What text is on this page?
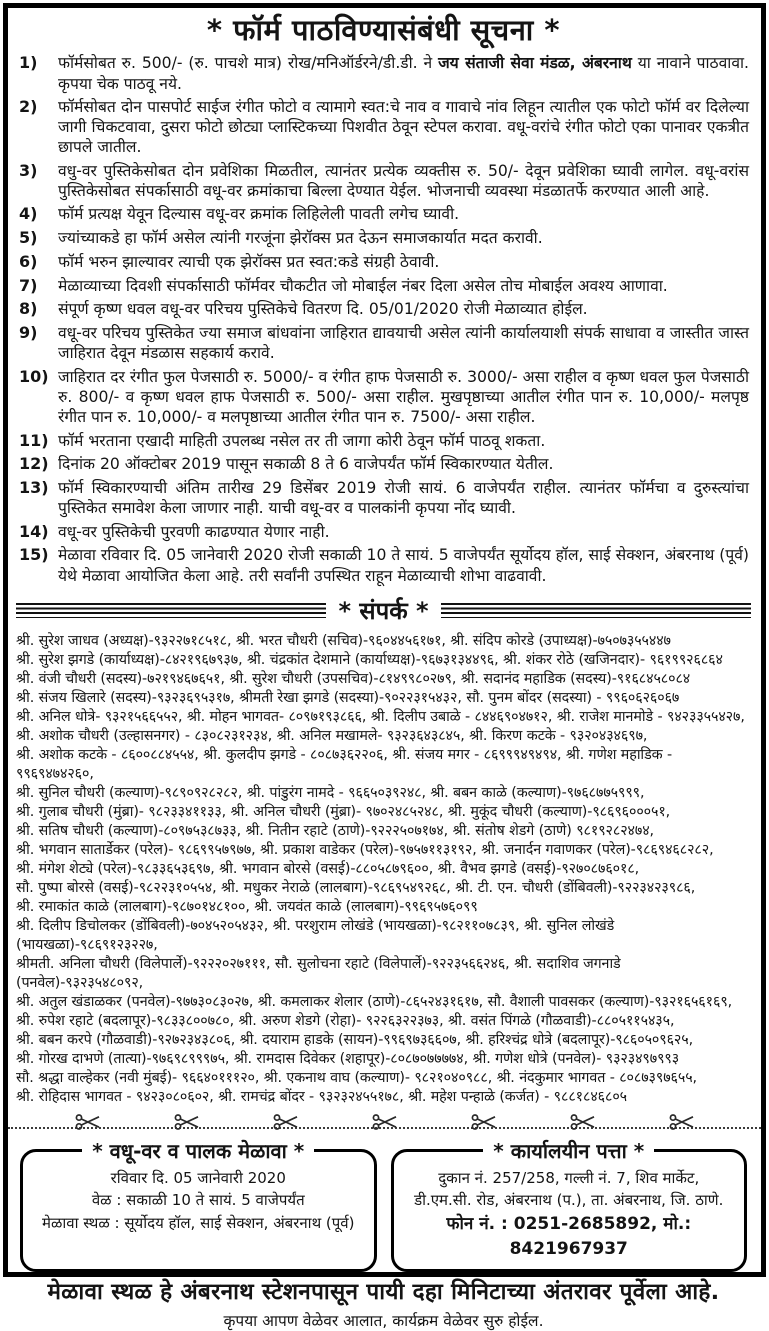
* फॉर्म पाठविण्यासंबंधी सूचना *
1)	फॉर्मसोबत रु. 500/- (रु. पाचशे मात्र) रोख/मनिऑर्डरने/डी.डी. ने जय संताजी सेवा मंडळ, अंबरनाथ या नावाने पाठवावा. कृपया चेक पाठवू नये.
2)	फॉर्मसोबत दोन पासपोर्ट साईज रंगीत फोटो व त्यामागे स्वत:चे नाव व गावाचे नांव लिहून त्यातील एक फोटो फॉर्म वर दिलेल्या जागी चिकटवावा, दुसरा फोटो छोट्या प्लास्टिकच्या पिशवीत ठेवून स्टेपल करावा. वधू-वरांचे रंगीत फोटो एका पानावर एकत्रीत छापले जातील.
3)	वधु-वर पुस्तिकेसोबत दोन प्रवेशिका मिळतील, त्यानंतर प्रत्येक व्यक्तीस रु. 50/- देवून प्रवेशिका घ्यावी लागेल. वधू-वरांस पुस्तिकेसोबत संपर्कासाठी वधू-वर क्रमांकाचा बिल्ला देण्यात येईल. भोजनाची व्यवस्था मंडळातर्फे करण्यात आली आहे.
4)	फॉर्म प्रत्यक्ष येवून दिल्यास वधू-वर क्रमांक लिहिलेली पावती लगेच घ्यावी.
5)	ज्यांच्याकडे हा फॉर्म असेल त्यांनी गरजूंना झेरॉक्स प्रत देऊन समाजकार्यात मदत करावी.
6)	फॉर्म भरुन झाल्यावर त्याची एक झेरॉक्स प्रत स्वत:कडे संग्रही ठेवावी.
7)	मेळाव्याच्या दिवशी संपर्कासाठी फॉर्मवर चौकटीत जो मोबाईल नंबर दिला असेल तोच मोबाईल अवश्य आणावा.
8)	संपूर्ण कृष्ण धवल वधू-वर परिचय पुस्तिकेचे वितरण दि. 05/01/2020 रोजी मेळाव्यात होईल.
9)	वधू-वर परिचय पुस्तिकेत ज्या समाज बांधवांना जाहिरात द्यावयाची असेल त्यांनी कार्यालयाशी संपर्क साधावा व जास्तीत जास्त जाहिरात देवून मंडळास सहकार्य करावे.
10) जाहिरात दर रंगीत फुल पेजसाठी रु. 5000/- व रंगीत हाफ पेजसाठी रु. 3000/- असा राहील व कृष्ण धवल फुल पेजसाठी रु. 800/- व कृष्ण धवल हाफ पेजसाठी रु. 500/- असा राहील. मुखपृष्ठाच्या आतील रंगीत पान रु. 10,000/- मलपृष्ठ रंगीत पान रु. 10,000/- व मलपृष्ठाच्या आतील रंगीत पान रु. 7500/- असा राहील.
11) फॉर्म भरताना एखादी माहिती उपलब्ध नसेल तर ती जागा कोरी ठेवून फॉर्म पाठवू शकता.
12) दिनांक 20 ऑक्टोबर 2019 पासून सकाळी 8 ते 6 वाजेपर्यंत फॉर्म स्विकारण्यात येतील.
13) फॉर्म स्विकारण्याची अंतिम तारीख 29 डिसेंबर 2019 रोजी सायं. 6 वाजेपर्यंत राहील. त्यानंतर फॉर्मचा व दुरुस्त्यांचा पुस्तिकेत समावेश केला जाणार नाही. याची वधू-वर व पालकांनी कृपया नोंद घ्यावी.
14) वधू-वर पुस्तिकेची पुरवणी काढण्यात येणार नाही.
15) मेळावा रविवार दि. 05 जानेवारी 2020 रोजी सकाळी 10 ते सायं. 5 वाजेपर्यंत सूर्योदय हॉल, साई सेक्शन, अंबरनाथ (पूर्व) येथे मेळावा आयोजित केला आहे. तरी सर्वांनी उपस्थित राहून मेळाव्याची शोभा वाढवावी.
* संपर्क *
श्री. सुरेश जाधव (अध्यक्ष)-९३२२७१८५१८, श्री. भरत चौधरी (सचिव)-९६०४४५६१७१, श्री. संदिप कोरडे (उपाध्यक्ष)-७५०७३५५४४७
श्री. सुरेश झगडे (कार्याध्यक्ष)-८४२१९६७९३७, श्री. चंद्रकांत देशमाने (कार्याध्यक्ष)-९६७३१३४४९६, श्री. शंकर रोठे (खजिनदार)- ९६१९९२६८६४
श्री. वंजी चौधरी (सदस्य)-७२१९४६७६५१, श्री. सुरेश चौधरी (उपसचिव)-८१४९९८०२७९, श्री. सदानंद महाडिक (सदस्य)-९१६८४५८०८४
श्री. संजय खिलारे (सदस्य)-९३२३६९५३१७, श्रीमती रेखा झगडे (सदस्या)-९०२२३१५४३२, सौ. पुनम बोंदर (सदस्या) - ९९६०६२६०६७
श्री. अनिल धोत्रे- ९३२१५६६५५२, श्री. मोहन भागवत- ८०९७१९३८६६, श्री. दिलीप उबाळे - ८४४६९०४७१२, श्री. राजेश मानमोडे - ९४२३३५५४२७,
श्री. अशोक चौधरी (उल्हासनगर) - ८३०८२३१२३४, श्री. अनिल मखामले- ९३२३६४३८४५, श्री. किरण कटके - ९३२०४३४६९७,
श्री. अशोक कटके - ८६००८८४५५४, श्री. कुलदीप झगडे - ८०८७३६२२०६, श्री. संजय मगर - ८६९९९४९४९४, श्री. गणेश महाडिक - ९९६९४७४२६०,
श्री. सुनिल चौधरी (कल्याण)-९८९०९२८२८२, श्री. पांडुरंग नामदे - ९६६५०३९२४८, श्री. बबन काळे (कल्याण)-९७६८७७५९९९,
श्री. गुलाब चौधरी (मुंब्रा)- ९८२३३४११३३, श्री. अनिल चौधरी (मुंब्रा)- ९७०२४८५२४८, श्री. मुकूंद चौधरी (कल्याण)-९८६९६०००५१,
श्री. सतिष चौधरी (कल्याण)-८०९७५३८७३३, श्री. नितीन रहाटे (ठाणे)-९२२२५०७१७४, श्री. संतोष शेडगे (ठाणे) ९८१९२८२४७४,
श्री. भगवान सातार्डेकर (परेल)- ९८६९९५७९७७, श्री. प्रकाश वाडेकर (परेल)-९७५७११३१९२, श्री. जनार्दन गवाणकर (परेल)-९८६९४६८२८२,
श्री. मंगेश शेट्ये (परेल)-९८३३६५३६९७, श्री. भगवान बोरसे (वसई)-८८०५८७९६००, श्री. वैभव झगडे (वसई)-९२७०८७६०१८,
सौ. पुष्पा बोरसे (वसई)-९८२२३१०५५४, श्री. मधुकर नेराळे (लालबाग)-९८६९५४९२६८, श्री. टी. एन. चौधरी (डोंबिवली)-९२२३४२३९८६,
श्री. रमाकांत काळे (लालबाग)-९८७०१४८१००, श्री. जयवंत काळे (लालबाग)-९९६९५७६०९९
श्री. दिलीप डिचोलकर (डोंबिवली)-७०४५२०५४३२, श्री. परशुराम लोखंडे (भायखळा)-९८२११०७८३९, श्री. सुनिल लोखंडे (भायखळा)-९८६९१२३२२७,
श्रीमती. अनिला चौधरी (विलेपार्ले)-९२२२०२७१११, सौ. सुलोचना रहाटे (विलेपार्ले)-९२२३५६६२४६, श्री. सदाशिव जगनाडे (पनवेल)-९३२३५४८०९२,
श्री. अतुल खंडाळकर (पनवेल)-९७७३०८३०२७, श्री. कमलाकर शेलार (ठाणे)-८६५२४३१६१७, सौ. वैशाली पावसकर (कल्याण)-९३२१६५६१६९,
श्री. रुपेश रहाटे (बदलापूर)-९८३३८००७८०, श्री. अरुण शेडगे (रोहा)- ९२२६३२२३७३, श्री. वसंत पिंगळे (गौळवाडी)-८८०५११५४३५,
श्री. बबन करपे (गौळवाडी)-९२७२३४३८०६, श्री. दयाराम हाडके (सायन)-९९६९७३६६०७, श्री. हरिश्चंद्र धोत्रे (बदलापूर)-९८६०५०९६२५,
श्री. गोरख दाभणे (तात्या)-९७६९८९९९७५, श्री. रामदास दिवेकर (शहापूर)-८०८७०७७७७४, श्री. गणेश धोत्रे (पनवेल)- ९३२३४९७९९३
सौ. श्रद्धा वाल्हेकर (नवी मुंबई)- ९६६४०१११२०, श्री. एकनाथ वाघ (कल्याण)- ९८२१०४०९८८, श्री. नंदकुमार भागवत - ८०८७३९७६५५,
श्री. रोहिदास भागवत - ९४२३०८०६०२, श्री. रामचंद्र बोंदर - ९३२३२४५५१७८, श्री. महेश पन्हाळे (कर्जत) - ९८८१८४६८०५
* वधू-वर व पालक मेळावा *
रविवार दि. 05 जानेवारी 2020
वेळ : सकाळी 10 ते सायं. 5 वाजेपर्यंत
मेळावा स्थळ : सूर्योदय हॉल, साई सेक्शन, अंबरनाथ (पूर्व)
* कार्यालयीन पत्ता *
दुकान नं. 257/258, गल्ली नं. 7, शिव मार्केट,
डी.एम.सी. रोड, अंबरनाथ (प.), ता. अंबरनाथ, जि. ठाणे.
फोन नं. : 0251-2685892, मो.: 8421967937
मेळावा स्थळ हे अंबरनाथ स्टेशनपासून पायी दहा मिनिटाच्या अंतरावर पूर्वेला आहे.
कृपया आपण वेळेवर आलात, कार्यक्रम वेळेवर सुरु होईल.
